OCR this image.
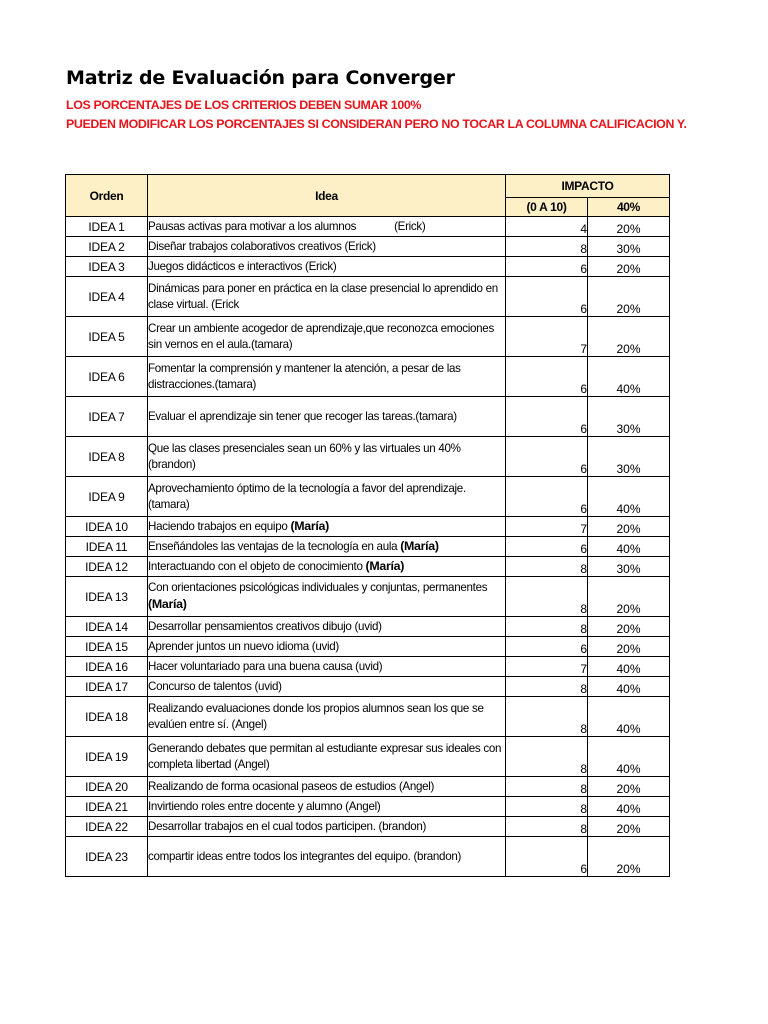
Matriz de Evaluación para Converger
LOS PORCENTAJES DE LOS CRITERIOS DEBEN SUMAR 100%
PUEDEN MODIFICAR LOS PORCENTAJES SI CONSIDERAN PERO NO TOCAR LA COLUMNA CALIFICACION Y.
Orden	Idea	IMPACTO	
		(0 A 10)	40%
IDEA 1	Pausas activas para motivar a los alumnos (Erick)	4	20%
IDEA 2	Diseñar trabajos colaborativos creativos (Erick)	8	30%
IDEA 3	Juegos didácticos e interactivos (Erick)	6	20%
IDEA 4	Dinámicas para poner en práctica en la clase presencial lo aprendido en clase virtual. (Erick	6	20%
IDEA 5	Crear un ambiente acogedor de aprendizaje,que reconozca emociones sin vernos en el aula.(tamara)	7	20%
IDEA 6	Fomentar la comprensión y mantener la atención, a pesar de las distracciones.(tamara)	6	40%
IDEA 7	Evaluar el aprendizaje sin tener que recoger las tareas.(tamara)	6	30%
IDEA 8	Que las clases presenciales sean un 60% y las virtuales un 40% (brandon)	6	30%
IDEA 9	Aprovechamiento óptimo de la tecnología a favor del aprendizaje. (tamara)	6	40%
IDEA 10	Haciendo trabajos en equipo (María)	7	20%
IDEA 11	Enseñándoles las ventajas de la tecnología en aula (María)	6	40%
IDEA 12	Interactuando con el objeto de conocimiento (María)	8	30%
IDEA 13	Con orientaciones psicológicas individuales y conjuntas, permanentes (María)	8	20%
IDEA 14	Desarrollar pensamientos creativos dibujo (uvid)	8	20%
IDEA 15	Aprender juntos un nuevo idioma (uvid)	6	20%
IDEA 16	Hacer voluntariado para una buena causa (uvid)	7	40%
IDEA 17	Concurso de talentos (uvid)	8	40%
IDEA 18	Realizando evaluaciones donde los propios alumnos sean los que se evalúen entre sí. (Angel)	8	40%
IDEA 19	Generando debates que permitan al estudiante expresar sus ideales con completa libertad (Angel)	8	40%
IDEA 20	Realizando de forma ocasional paseos de estudios (Angel)	8	20%
IDEA 21	Invirtiendo roles entre docente y alumno (Angel)	8	40%
IDEA 22	Desarrollar trabajos en el cual todos participen. (brandon)	8	20%
IDEA 23	compartir ideas entre todos los integrantes del equipo. (brandon)	6	20%
